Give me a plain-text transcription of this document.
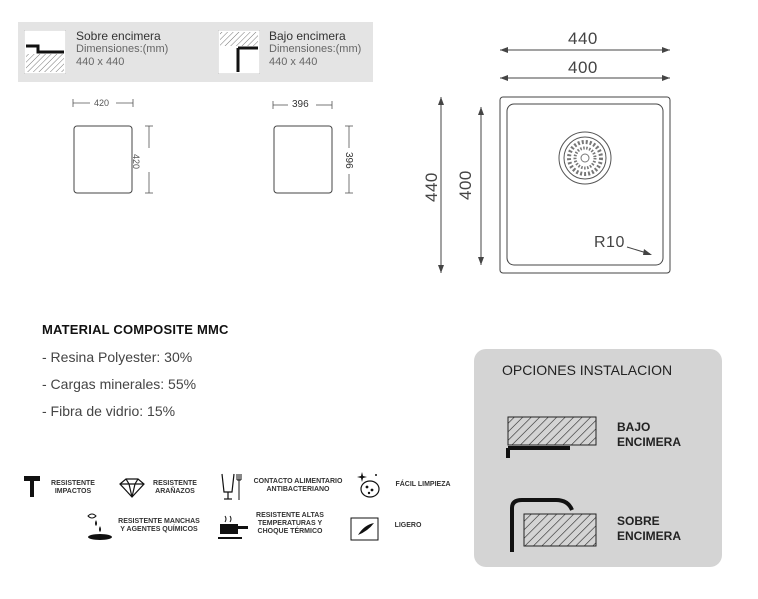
Sobre encimera
Dimensiones:(mm)
440 x 440
Bajo encimera
Dimensiones:(mm)
440 x 440
420
420
396
396
440
400
440 400
R10
MATERIAL COMPOSITE MMC
- Resina Polyester: 30%
- Cargas minerales: 55%
- Fibra de vidrio: 15%
RESISTENTE
IMPACTOS
RESISTENTE
ARAÑAZOS
CONTACTO ALIMENTARIO
ANTIBACTERIANO
FÁCIL LIMPIEZA
RESISTENTE MANCHAS
Y AGENTES QUÍMICOS
RESISTENTE ALTAS
TEMPERATURAS Y
CHOQUE TÉRMICO
LIGERO
OPCIONES INSTALACION
BAJO
ENCIMERA
SOBRE
ENCIMERA
